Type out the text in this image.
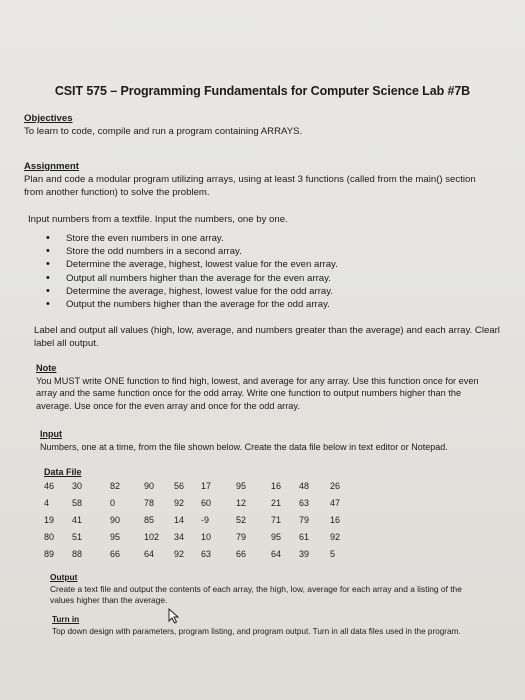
CSIT 575 – Programming Fundamentals for Computer Science Lab #7B
Objectives
To learn to code, compile and run a program containing ARRAYS.
Assignment
Plan and code a modular program utilizing arrays, using at least 3 functions (called from the main() section
from another function) to solve the problem.
Input numbers from a textfile. Input the numbers, one by one.
• Store the even numbers in one array.
• Store the odd numbers in a second array.
• Determine the average, highest, lowest value for the even array.
• Output all numbers higher than the average for the even array.
• Determine the average, highest, lowest value for the odd array.
• Output the numbers higher than the average for the odd array.
Label and output all values (high, low, average, and numbers greater than the average) and each array. Clearl
label all output.
Note
You MUST write ONE function to find high, lowest, and average for any array. Use this function once for even
array and the same function once for the odd array. Write one function to output numbers higher than the
average. Use once for the even array and once for the odd array.
Input
Numbers, one at a time, from the file shown below. Create the data file below in text editor or Notepad.
Data File
46	30	82	90	56	17	95	16	48	26
4	58	0	78	92	60	12	21	63	47
19	41	90	85	14	-9	52	71	79	16
80	51	95	102	34	10	79	95	61	92
89	88	66	64	92	63	66	64	39	5
Output
Create a text file and output the contents of each array, the high, low, average for each array and a listing of the
values higher than the average.
Turn in
Top down design with parameters, program listing, and program output. Turn in all data files used in the program.
